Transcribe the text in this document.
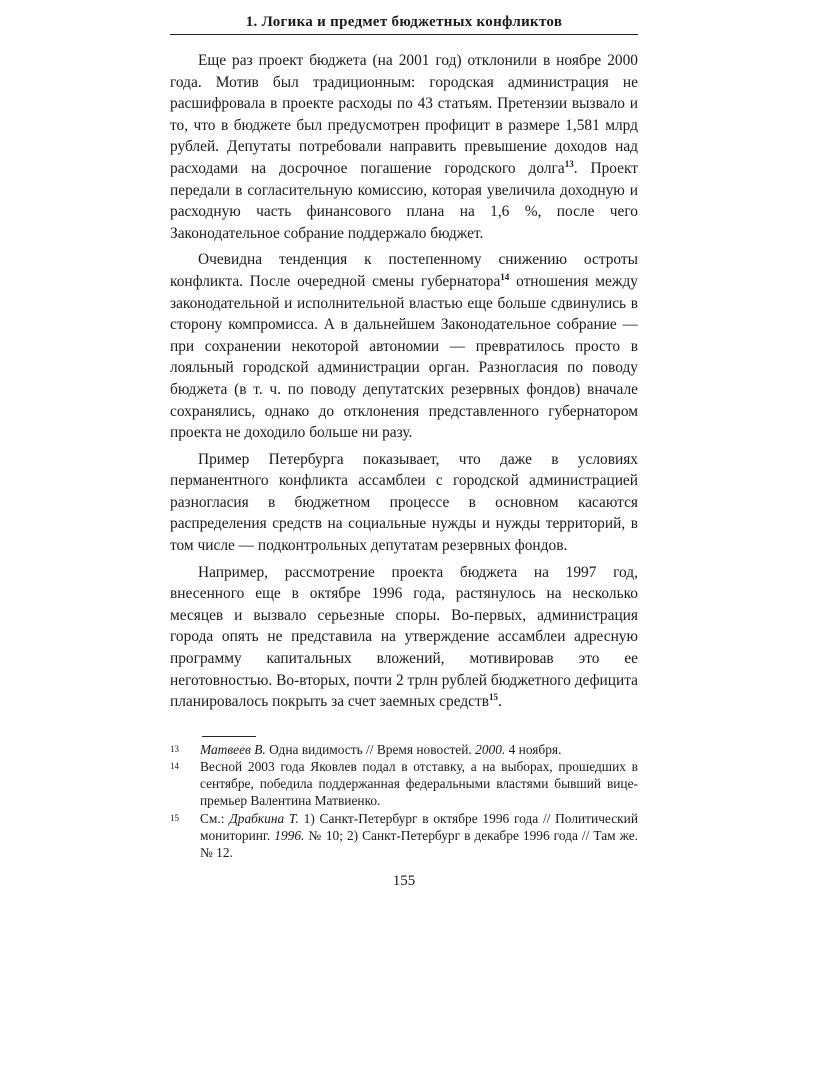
1. Логика и предмет бюджетных конфликтов

Еще раз проект бюджета (на 2001 год) отклонили в ноябре 2000 года. Мотив был традиционным: городская администрация не расшифровала в проекте расходы по 43 статьям. Претензии вызвало и то, что в бюджете был предусмотрен профицит в размере 1,581 млрд рублей. Депутаты потребовали направить превышение доходов над расходами на досрочное погашение городского долга$^{13}$. Проект передали в согласительную комиссию, которая увеличила доходную и расходную часть финансового плана на 1,6 %, после чего Законодательное собрание поддержало бюджет.

Очевидна тенденция к постепенному снижению остроты конфликта. После очередной смены губернатора$^{14}$ отношения между законодательной и исполнительной властью еще больше сдвинулись в сторону компромисса. А в дальнейшем Законодательное собрание — при сохранении некоторой автономии — превратилось просто в лояльный городской администрации орган. Разногласия по поводу бюджета (в т. ч. по поводу депутатских резервных фондов) вначале сохранялись, однако до отклонения представленного губернатором проекта не доходило больше ни разу.

Пример Петербурга показывает, что даже в условиях перманентного конфликта ассамблеи с городской администрацией разногласия в бюджетном процессе в основном касаются распределения средств на социальные нужды и нужды территорий, в том числе — подконтрольных депутатам резервных фондов.

Например, рассмотрение проекта бюджета на 1997 год, внесенного еще в октябре 1996 года, растянулось на несколько месяцев и вызвало серьезные споры. Во-первых, администрация города опять не представила на утверждение ассамблеи адресную программу капитальных вложений, мотивировав это ее неготовностью. Во-вторых, почти 2 трлн рублей бюджетного дефицита планировалось покрыть за счет заемных средств$^{15}$.

13	Матвеев В. Одна видимость // Время новостей. 2000. 4 ноября.
14	Весной 2003 года Яковлев подал в отставку, а на выборах, прошедших в сентябре, победила поддержанная федеральными властями бывший вице-премьер Валентина Матвиенко.
15	См.: Драбкина Т. 1) Санкт-Петербург в октябре 1996 года // Политический мониторинг. 1996. № 10; 2) Санкт-Петербург в декабре 1996 года // Там же. № 12.
155
